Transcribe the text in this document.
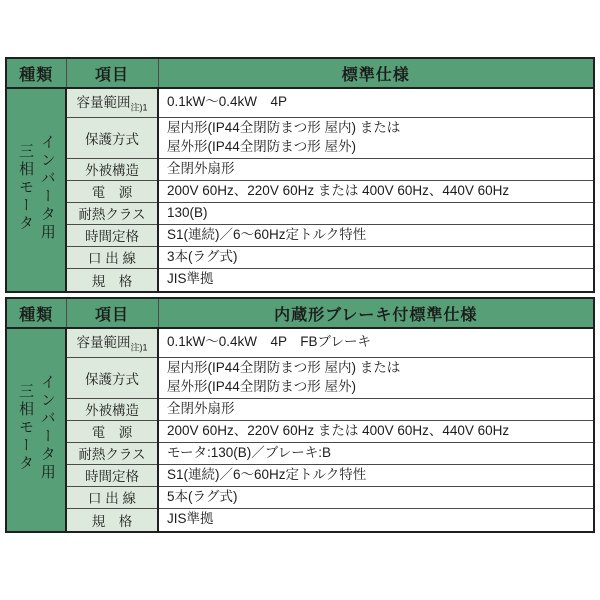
種類	項目	標準仕様

インバータ用
三相モータ	容量範囲$_{注)1}$	0.1kW〜0.4kW　4P
	保護方式	屋内形(IP44全閉防まつ形 屋内) または
屋外形(IP44全閉防まつ形 屋外)

	外被構造	全閉外扇形
	電　源	200V 60Hz、220V 60Hz または 400V 60Hz、440V 60Hz
	耐熱クラス	130(B)
	時間定格	S1(連続)／6〜60Hz定トルク特性
	口 出 線	3本(ラグ式)
	規　格	JIS準拠
種類	項目	内蔵形ブレーキ付標準仕様

インバータ用
三相モータ	容量範囲$_{注)1}$	0.1kW〜0.4kW　4P　FBブレーキ
	保護方式	屋内形(IP44全閉防まつ形 屋内) または
屋外形(IP44全閉防まつ形 屋外)

	外被構造	全閉外扇形
	電　源	200V 60Hz、220V 60Hz または 400V 60Hz、440V 60Hz
	耐熱クラス	モータ:130(B)／ブレーキ:B
	時間定格	S1(連続)／6〜60Hz定トルク特性
	口 出 線	5本(ラグ式)
	規　格	JIS準拠
